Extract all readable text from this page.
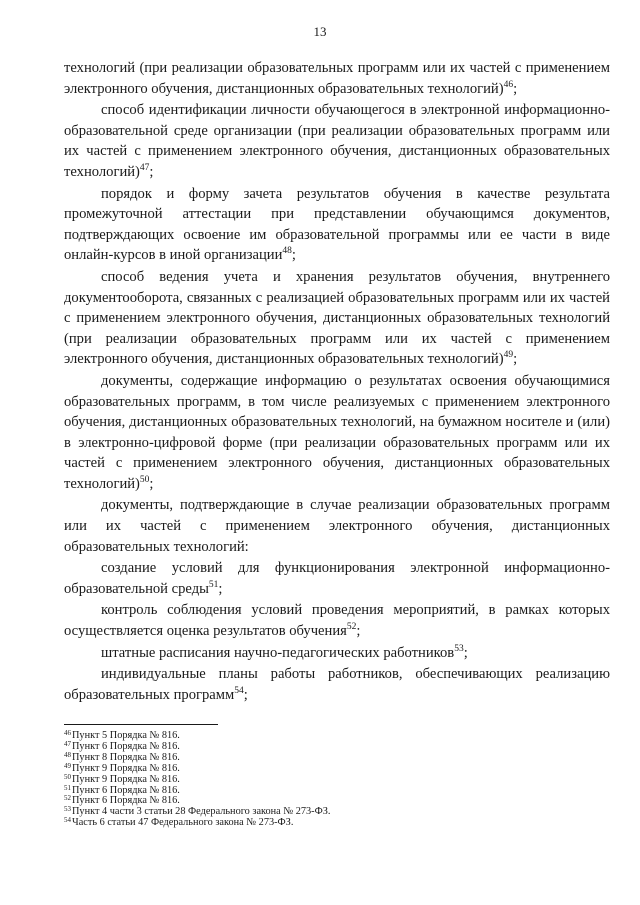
13

технологий (при реализации образовательных программ или их частей с применением электронного обучения, дистанционных образовательных технологий)$^{46}$;

способ идентификации личности обучающегося в электронной информационно-образовательной среде организации (при реализации образовательных программ или их частей с применением электронного обучения, дистанционных образовательных технологий)$^{47}$;

порядок и форму зачета результатов обучения в качестве результата промежуточной аттестации при представлении обучающимся документов, подтверждающих освоение им образовательной программы или ее части в виде онлайн-курсов в иной организации$^{48}$;

способ ведения учета и хранения результатов обучения, внутреннего документооборота, связанных с реализацией образовательных программ или их частей с применением электронного обучения, дистанционных образовательных технологий (при реализации образовательных программ или их частей с применением электронного обучения, дистанционных образовательных технологий)$^{49}$;

документы, содержащие информацию о результатах освоения обучающимися образовательных программ, в том числе реализуемых с применением электронного обучения, дистанционных образовательных технологий, на бумажном носителе и (или) в электронно-цифровой форме (при реализации образовательных программ или их частей с применением электронного обучения, дистанционных образовательных технологий)$^{50}$;

документы, подтверждающие в случае реализации образовательных программ или их частей с применением электронного обучения, дистанционных образовательных технологий:

создание условий для функционирования электронной информационно-образовательной среды$^{51}$;

контроль соблюдения условий проведения мероприятий, в рамках которых осуществляется оценка результатов обучения$^{52}$;

штатные расписания научно-педагогических работников$^{53}$;

индивидуальные планы работы работников, обеспечивающих реализацию образовательных программ$^{54}$;

$^{46}$Пункт 5 Порядка № 816.

$^{47}$Пункт 6 Порядка № 816.

$^{48}$Пункт 8 Порядка № 816.

$^{49}$Пункт 9 Порядка № 816.

$^{50}$Пункт 9 Порядка № 816.

$^{51}$Пункт 6 Порядка № 816.

$^{52}$Пункт 6 Порядка № 816.

$^{53}$Пункт 4 части 3 статьи 28 Федерального закона № 273-ФЗ.

$^{54}$Часть 6 статьи 47 Федерального закона № 273-ФЗ.
